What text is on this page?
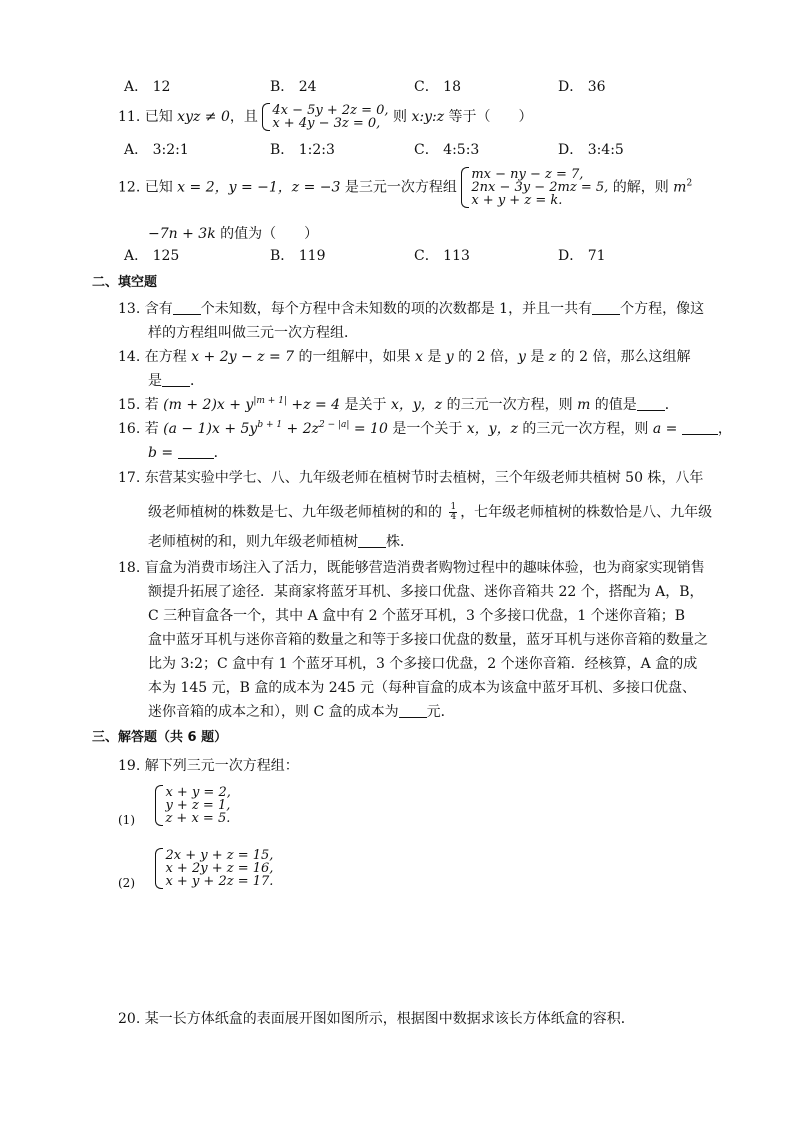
A． 12	B． 24	C． 18	D． 36
11. 已知 xyz ≠ 0，且 4x − 5y + 2z = 0,
x + 4y − 3z = 0, 则 x:y:z 等于（　　）
A． 3:2:1	B． 1:2:3	C． 4:5:3	D． 3:4:5
12. 已知 x = 2，y = −1，z = −3 是三元一次方程组
mx − ny − z = 7,
2nx − 3y − 2mz = 5,
x + y + z = k.
的解，则 $m^2$
−7n + 3k 的值为（　　）
A． 125	B． 119	C． 113	D． 71
二、填空题
13. 含有 个未知数，每个方程中含未知数的项的次数都是 1，并且一共有 个方程，像这
样的方程组叫做三元一次方程组．
14. 在方程 x + 2y − z = 7 的一组解中，如果 x 是 y 的 2 倍，y 是 z 的 2 倍，那么这组解
是 ．
15. 若 $(m + 2)x + y^{|m + 1|} +z = 4$ 是关于 x，y，z 的三元一次方程，则 m 的值是 ．
16. 若 $(a - 1)x + 5y^{b + 1} + 2z^{2 - |a|} = 10$ 是一个关于 x，y，z 的三元一次方程，则 a =	，
b =	．
17. 东营某实验中学七、八、九年级老师在植树节时去植树，三个年级老师共植树 50 株，八年
级老师植树的株数是七、九年级老师植树的和的 $\frac{1}{4}$ ，七年级老师植树的株数恰是八、九年级
老师植树的和，则九年级老师植树 株．
18. 盲盒为消费市场注入了活力，既能够营造消费者购物过程中的趣味体验，也为商家实现销售
额提升拓展了途径．某商家将蓝牙耳机、多接口优盘、迷你音箱共 22 个，搭配为 A，B，
C 三种盲盒各一个，其中 A 盒中有 2 个蓝牙耳机，3 个多接口优盘，1 个迷你音箱；B
盒中蓝牙耳机与迷你音箱的数量之和等于多接口优盘的数量，蓝牙耳机与迷你音箱的数量之
比为 3:2；C 盒中有 1 个蓝牙耳机，3 个多接口优盘，2 个迷你音箱．经核算，A 盒的成
本为 145 元，B 盒的成本为 245 元（每种盲盒的成本为该盒中蓝牙耳机、多接口优盘、
迷你音箱的成本之和），则 C 盒的成本为 元．
三、解答题（共 6 题）
19. 解下列三元一次方程组：
(1)
x + y = 2,
y + z = 1,
z + x = 5.
(2)
2x + y + z = 15,
x + 2y + z = 16,
x + y + 2z = 17.
20. 某一长方体纸盒的表面展开图如图所示，根据图中数据求该长方体纸盒的容积．
